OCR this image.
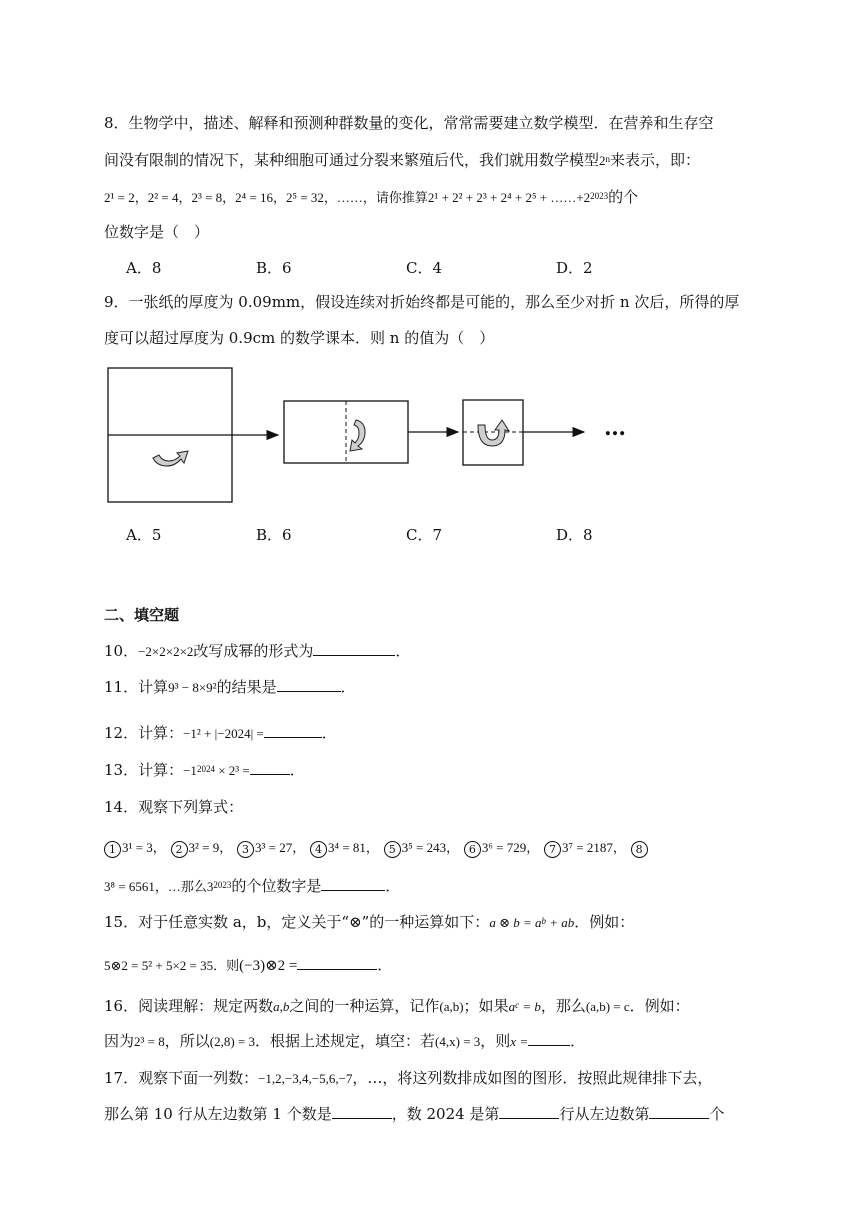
8．生物学中，描述、解释和预测种群数量的变化，常常需要建立数学模型．在营养和生存空
间没有限制的情况下，某种细胞可通过分裂来繁殖后代，我们就用数学模型2$^n$来表示，即：
2¹ = 2，2² = 4，2³ = 8，2⁴ = 16，2⁵ = 32，……，请你推算$2^1 + 2^2 + 2^3 + 2^4 + 2^5 + \dots\dots+2^{2023}$的个
位数字是（　）
A．8	B．6	C．4	D．2
9．一张纸的厚度为 0.09mm，假设连续对折始终都是可能的，那么至少对折 n 次后，所得的厚
度可以超过厚度为 0.9cm 的数学课本．则 n 的值为（　）
…
A．5	B．6	C．7	D．8
二、填空题
10．−2×2×2×2改写成幂的形式为	．
11．计算9³ − 8×9²的结果是	．
12．计算：−1² + |−2024| =	．
13．计算：$-1^{2024} \times 2^3$ =	．
14．观察下列算式：
1 3¹ = 3， 2 3² = 9， 3 3³ = 27， 4 3⁴ = 81， 5 3⁵ = 243， 6 3⁶ = 729， 7 3⁷ = 2187， 8
3⁸ = 6561，…那么$3^{2023}$的个位数字是	．
15．对于任意实数 a，b，定义关于“⊗”的一种运算如下：a ⊗ $b = a^b$ + ab．例如：
5⊗2 = 5² + 5×2 = 35．则(−3)⊗2 =	．
16．阅读理解：规定两数a,b之间的一种运算，记作(a,b)；如果$a^c = b$，那么(a,b) = c．例如：
因为2³ = 8，所以(2,8) = 3．根据上述规定，填空：若(4,x) = 3，则x =	．
17．观察下面一列数：−1,2,−3,4,−5,6,−7，…，将这列数排成如图的图形．按照此规律排下去，
那么第 10 行从左边数第 1 个数是	，数 2024 是第	行从左边数第	个
